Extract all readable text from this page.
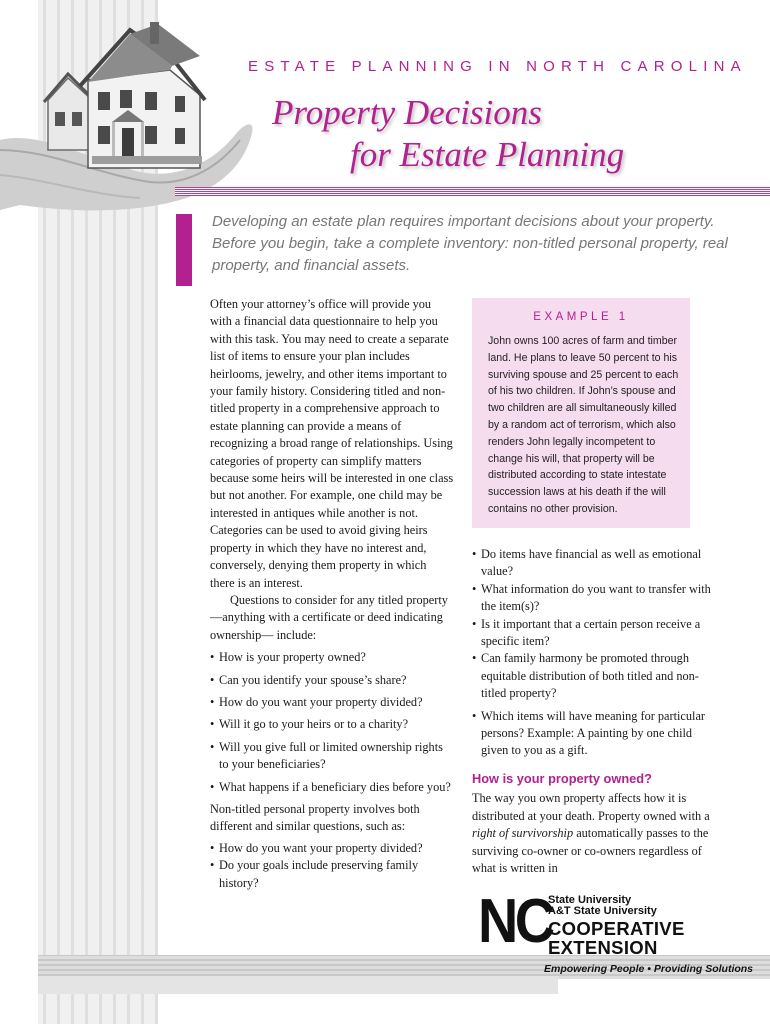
ESTATE PLANNING IN NORTH CAROLINA
Property Decisions
for Estate Planning
Developing an estate plan requires important decisions about your property. Before you begin, take a complete inventory: non-titled personal property, real property, and financial assets.

Often your attorney’s office will provide you with a financial data questionnaire to help you with this task. You may need to create a separate list of items to ensure your plan includes heirlooms, jewelry, and other items important to your family history. Considering titled and non-titled property in a comprehensive approach to estate planning can provide a means of recognizing a broad range of relationships. Using categories of property can simplify matters because some heirs will be interested in one class but not another. For example, one child may be interested in antiques while another is not. Categories can be used to avoid giving heirs property in which they have no interest and, conversely, denying them property in which there is an interest.

Questions to consider for any titled property—anything with a certificate or deed indicating ownership— include:

• How is your property owned?
• Can you identify your spouse’s share?
• How do you want your property divided?
• Will it go to your heirs or to a charity?
• Will you give full or limited ownership rights to your beneficiaries?
• What happens if a beneficiary dies before you?

Non-titled personal property involves both different and similar questions, such as:

• How do you want your property divided?
• Do your goals include preserving family history?
EXAMPLE 1
John owns 100 acres of farm and timber land. He plans to leave 50 percent to his surviving spouse and 25 percent to each of his two children. If John’s spouse and two children are all simultaneously killed by a random act of terrorism, which also renders John legally incompetent to change his will, that property will be distributed according to state intestate succession laws at his death if the will contains no other provision.
• Do items have financial as well as emotional value?
• What information do you want to transfer with the item(s)?
• Is it important that a certain person receive a specific item?
• Can family harmony be promoted through equitable distribution of both titled and non-titled property?
• Which items will have meaning for particular persons? Example: A painting by one child given to you as a gift.
How is your property owned?

The way you own property affects how it is distributed at your death. Property owned with a right of survivorship automatically passes to the surviving co-owner or co-owners regardless of what is written in

NC
State University
A&T State University
COOPERATIVE
EXTENSION
Empowering People • Providing Solutions
